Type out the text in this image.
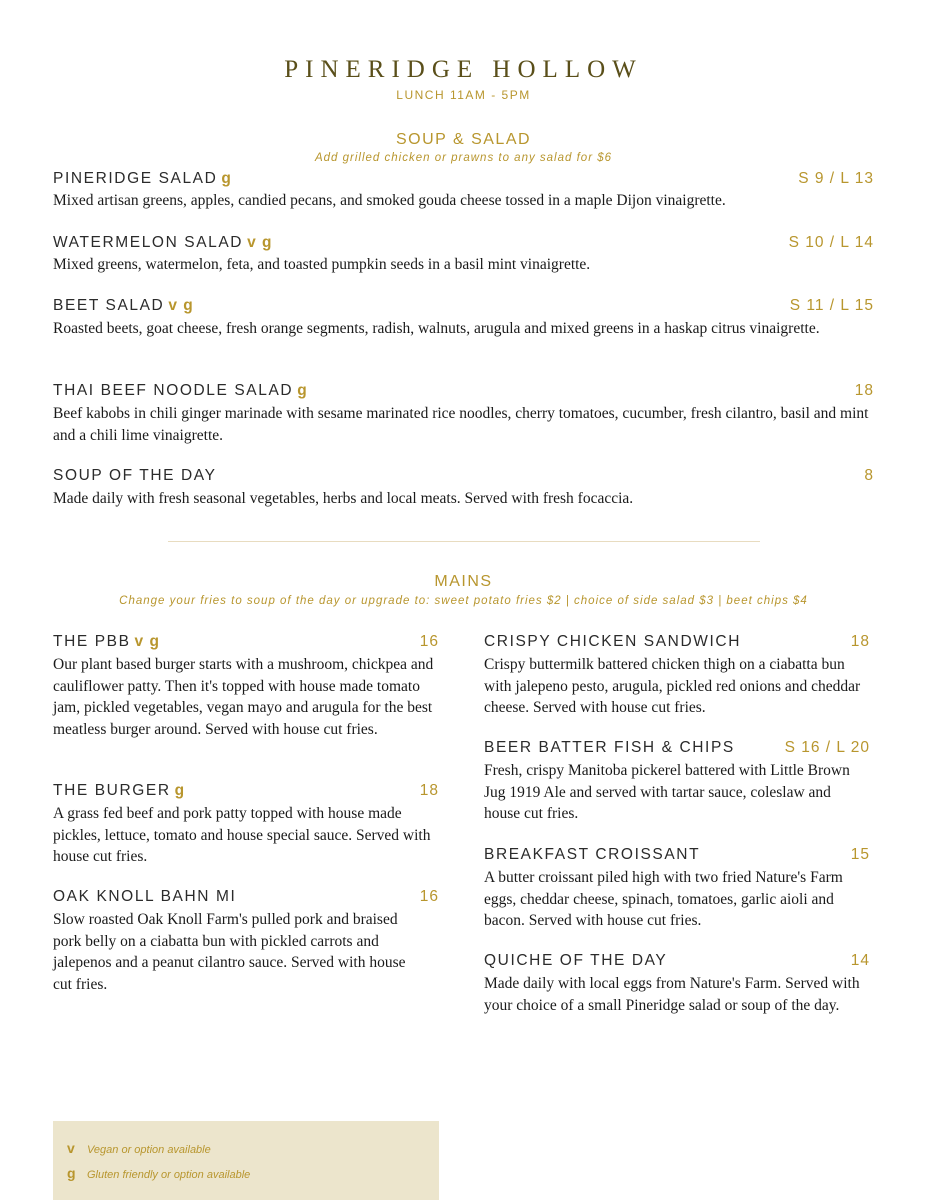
PINERIDGE HOLLOW
LUNCH 11AM - 5PM
SOUP & SALAD
Add grilled chicken or prawns to any salad for $6
PINERIDGE SALAD g	S 9 / L 13

Mixed artisan greens, apples, candied pecans, and smoked gouda cheese tossed in a maple Dijon vinaigrette.

WATERMELON SALAD v g	S 10 / L 14

Mixed greens, watermelon, feta, and toasted pumpkin seeds in a basil mint vinaigrette.

BEET SALAD v g	S 11 / L 15

Roasted beets, goat cheese, fresh orange segments, radish, walnuts, arugula and mixed greens in a haskap citrus vinaigrette.

THAI BEEF NOODLE SALAD g	18

Beef kabobs in chili ginger marinade with sesame marinated rice noodles, cherry tomatoes, cucumber, fresh cilantro, basil and mint and a chili lime vinaigrette.

SOUP OF THE DAY	8

Made daily with fresh seasonal vegetables, herbs and local meats. Served with fresh focaccia.

MAINS
Change your fries to soup of the day or upgrade to: sweet potato fries $2 | choice of side salad $3 | beet chips $4
THE PBB v g	16

Our plant based burger starts with a mushroom, chickpea and cauliflower patty. Then it's topped with house made tomato jam, pickled vegetables, vegan mayo and arugula for the best meatless burger around. Served with house cut fries.

THE BURGER g	18

A grass fed beef and pork patty topped with house made pickles, lettuce, tomato and house special sauce. Served with house cut fries.

OAK KNOLL BAHN MI	16

Slow roasted Oak Knoll Farm's pulled pork and braised pork belly on a ciabatta bun with pickled carrots and jalepenos and a peanut cilantro sauce. Served with house cut fries.

CRISPY CHICKEN SANDWICH	18

Crispy buttermilk battered chicken thigh on a ciabatta bun with jalepeno pesto, arugula, pickled red onions and cheddar cheese. Served with house cut fries.

BEER BATTER FISH & CHIPS	S 16 / L 20

Fresh, crispy Manitoba pickerel battered with Little Brown Jug 1919 Ale and served with tartar sauce, coleslaw and house cut fries.

BREAKFAST CROISSANT	15

A butter croissant piled high with two fried Nature's Farm eggs, cheddar cheese, spinach, tomatoes, garlic aioli and bacon. Served with house cut fries.

QUICHE OF THE DAY	14

Made daily with local eggs from Nature's Farm. Served with your choice of a small Pineridge salad or soup of the day.

v Vegan or option available
g Gluten friendly or option available
